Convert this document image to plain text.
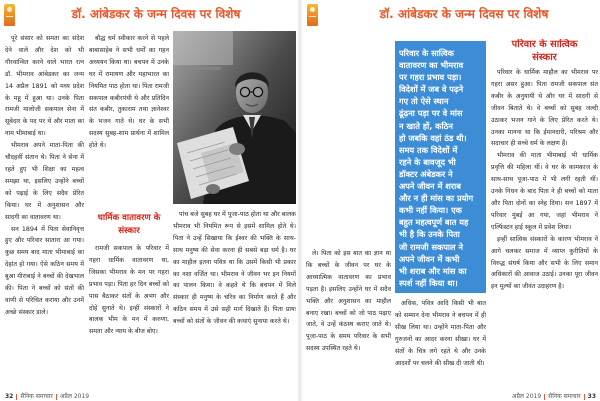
डॉ. आंबेडकर के जन्म दिवस पर विशेष

पूरे संसार को समता का संदेश देने वाले और देश को भी गौरवान्वित करने वाले भारत रत्न डॉ. भीमराव आंबेडकर का जन्म 14 अप्रैल 1891 को मध्य प्रदेश के महू में हुआ था। उनके पिता रामजी मालोजी सकपाल सेना में सूबेदार के पद पर थे और माता का नाम भीमाबाई था।

भीमराव अपने माता-पिता की चौदहवीं संतान थे। पिता ने सेना में रहते हुए भी शिक्षा का महत्व समझा था, इसलिए उन्होंने बच्चों को पढ़ाई के लिए सदैव प्रेरित किया। घर में अनुशासन और सादगी का वातावरण था।

सन 1894 में पिता सेवानिवृत्त हुए और परिवार सातारा आ गया। कुछ समय बाद माता भीमाबाई का देहांत हो गया। ऐसे कठिन समय में बुआ मीराबाई ने बच्चों की देखभाल की। पिता ने बच्चों को संतों की वाणी से परिचित कराया और उनमें अच्छे संस्कार डाले।

बौद्ध धर्म स्वीकार करने से पहले बाबासाहेब ने सभी धर्मों का गहन अध्ययन किया था। बचपन में उनके घर में रामायण और महाभारत का नियमित पाठ होता था। पिता रामजी सकपाल कबीरपंथी थे और प्रतिदिन संत कबीर, तुकाराम तथा ज्ञानेश्वर के भजन गाते थे। घर के सभी सदस्य सुबह-शाम प्रार्थना में शामिल होते थे।

धार्मिक वातावरण के
संस्कार

रामजी सकपाल के परिवार में गहरा धार्मिक वातावरण था, जिसका भीमराव के मन पर गहरा प्रभाव पड़ा। पिता हर दिन बच्चों को पास बैठाकर संतों के अभंग और दोहे सुनाते थे। इन्हीं संस्कारों ने बालक भीम के मन में करुणा, समता और न्याय के बीज बोए।

पांच बजे सुबह घर में पूजा-पाठ होता था और बालक भीमराव भी नियमित रूप से इसमें शामिल होते थे। पिता ने उन्हें सिखाया कि ईश्वर की भक्ति के साथ-साथ मनुष्य की सेवा करना ही सबसे बड़ा धर्म है। घर का माहौल इतना पवित्र था कि उसमें किसी भी प्रकार का नशा वर्जित था। भीमराव ने जीवन भर इन नियमों का पालन किया। वे कहते थे कि बचपन में मिले संस्कार ही मनुष्य के चरित्र का निर्माण करते हैं और कठिन समय में उसे सही मार्ग दिखाते हैं। पिता प्रायः बच्चों को संतों के जीवन की कथाएं सुनाया करते थे।

32 सैनिक समाचार अप्रैल 2019
डॉ. आंबेडकर के जन्म दिवस पर विशेष

ले। पिता को इस बात का ज्ञान था कि बच्चों के जीवन पर घर के आध्यात्मिक वातावरण का प्रभाव पड़ता है। इसलिए उन्होंने घर में सदैव भक्ति और अनुशासन का माहौल बनाए रखा। बच्चों को जो पाठ पढ़ाए जाते, वे उन्हें कंठस्थ कराए जाते थे। पूजा-पाठ के समय परिवार के सभी सदस्य उपस्थित रहते थे।

परिवार के सात्विक
वातावरण का भीमराव
पर गहरा प्रभाव पड़ा।
विदेशों में जब वे पढ़ने
गए तो ऐसे स्थान
ढूंढ़ना पड़ा पर वे मांस
न खाते हों, कठिन
हो जबकि वहां ठंड थी।
समय तक विदेशों में
रहने के बावजूद भी
डॉक्टर अंबेडकर ने
अपने जीवन में शराब
और न ही मांस का प्रयोग
कभी नहीं किया। एक
बहुत महत्वपूर्ण बात यह
भी है कि उनके पिता
जी रामजी सकपाल ने
अपने जीवन में कभी
भी शराब और मांस का
स्पर्श नहीं किया था।

अधिक, पवित्र आदि किसी भी बात को सम्मान देना भीमराव ने बचपन में ही सीख लिया था। उन्होंने माता-पिता और गुरुजनों का आदर करना सीखा। घर में संतों के चित्र लगे रहते थे और उनके आदर्शों पर चलने की सीख दी जाती थी।

परिवार के सात्विक
संस्कार

परिवार के धार्मिक माहौल का भीमराव पर गहरा असर हुआ। पिता रामजी सकपाल संत कबीर के अनुयायी थे और घर में सादगी से जीवन बिताते थे। वे बच्चों को सुबह जल्दी उठाकर भजन गाने के लिए प्रेरित करते थे। उनका मानना था कि ईमानदारी, परिश्रम और सदाचार ही सच्चे धर्म के लक्षण हैं।

भीमराव की माता भीमाबाई भी धार्मिक प्रवृत्ति की महिला थीं। वे घर के कामकाज के साथ-साथ पूजा-पाठ में भी लगी रहती थीं। उनके निधन के बाद पिता ने ही बच्चों को माता और पिता दोनों का स्नेह दिया। सन 1897 में परिवार मुंबई आ गया, जहां भीमराव ने एल्फिंस्टन हाई स्कूल में प्रवेश लिया।

इन्हीं सात्विक संस्कारों के कारण भीमराव ने आगे चलकर समाज में व्याप्त कुरीतियों के विरुद्ध संघर्ष किया और सभी के लिए समान अधिकारों की आवाज उठाई। उनका पूरा जीवन इन मूल्यों का जीवंत उदाहरण है।

अप्रैल 2019 सैनिक समाचार 33
